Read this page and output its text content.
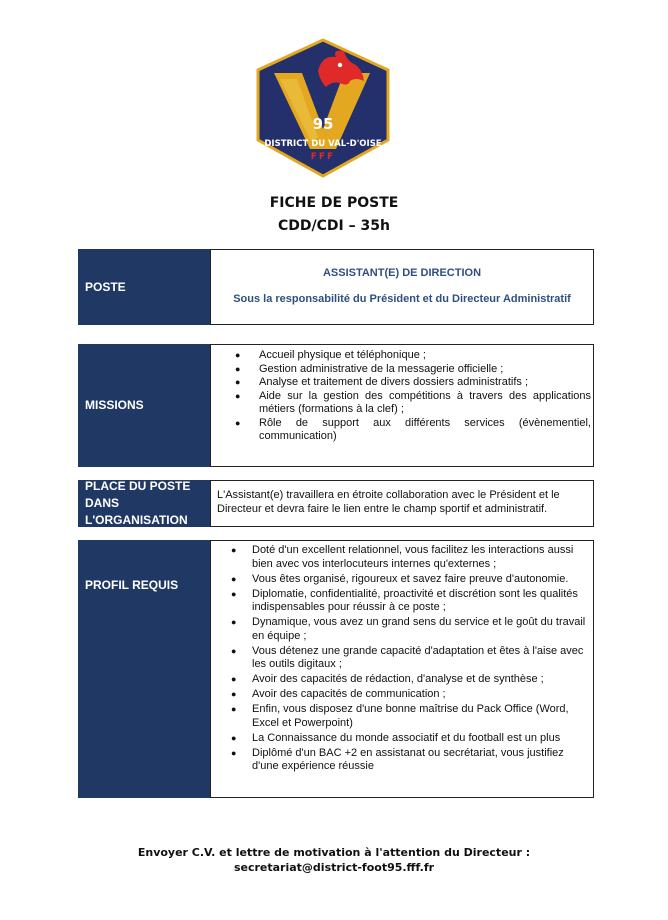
95
DISTRICT DU VAL-D'OISE
FFF
FICHE DE POSTE
CDD/CDI – 35h
POSTE

ASSISTANT(E) DE DIRECTION

Sous la responsabilité du Président et du Directeur Administratif

MISSIONS
● Accueil physique et téléphonique ;
● Gestion administrative de la messagerie officielle ;
● Analyse et traitement de divers dossiers administratifs ;
● Aide sur la gestion des compétitions à travers des applications métiers (formations à la clef) ;
● Rôle de support aux différents services (évènementiel, communication)
PLACE DU POSTE DANS L'ORGANISATION
L'Assistant(e) travaillera en étroite collaboration avec le Président et le Directeur et devra faire le lien entre le champ sportif et administratif.
PROFIL REQUIS
● Doté d'un excellent relationnel, vous facilitez les interactions aussi bien avec vos interlocuteurs internes qu'externes ;
● Vous êtes organisé, rigoureux et savez faire preuve d'autonomie.
● Diplomatie, confidentialité, proactivité et discrétion sont les qualités indispensables pour réussir à ce poste ;
● Dynamique, vous avez un grand sens du service et le goût du travail en équipe ;
● Vous détenez une grande capacité d'adaptation et êtes à l'aise avec les outils digitaux ;
● Avoir des capacités de rédaction, d'analyse et de synthèse ;
● Avoir des capacités de communication ;
● Enfin, vous disposez d'une bonne maîtrise du Pack Office (Word, Excel et Powerpoint)
● La Connaissance du monde associatif et du football est un plus
● Diplômé d'un BAC +2 en assistanat ou secrétariat, vous justifiez d'une expérience réussie
Envoyer C.V. et lettre de motivation à l'attention du Directeur :
secretariat@district-foot95.fff.fr
